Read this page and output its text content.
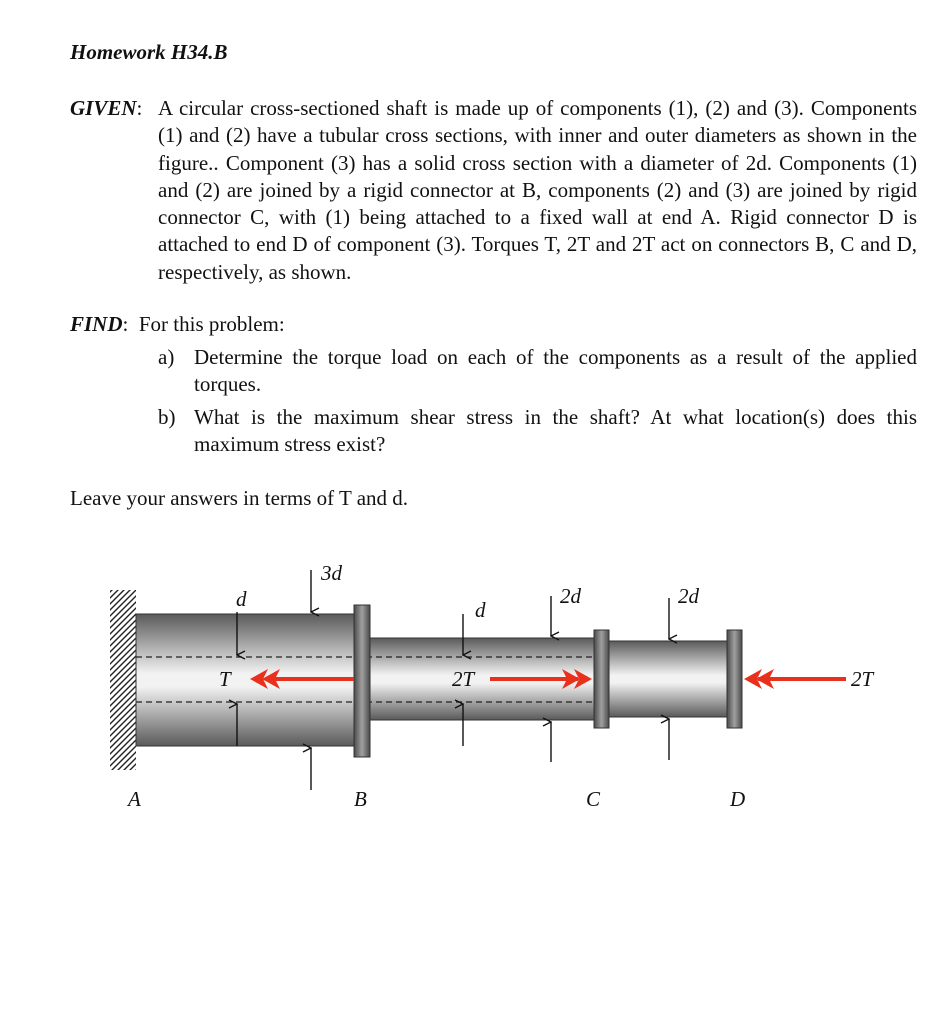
Homework H34.B
GIVEN: A circular cross-sectioned shaft is made up of components (1), (2) and (3). Components (1) and (2) have a tubular cross sections, with inner and outer diameters as shown in the figure.. Component (3) has a solid cross section with a diameter of 2d. Components (1) and (2) are joined by a rigid connector at B, components (2) and (3) are joined by rigid connector C, with (1) being attached to a fixed wall at end A. Rigid connector D is attached to end D of component (3). Torques T, 2T and 2T act on connectors B, C and D, respectively, as shown.
FIND:  For this problem:
a) Determine the torque load on each of the components as a result of the applied torques.
b) What is the maximum shear stress in the shaft? At what location(s) does this maximum stress exist?
Leave your answers in terms of T and d.
d
3d
d
2d	2d
T	2T	2T
A	B	C	D
